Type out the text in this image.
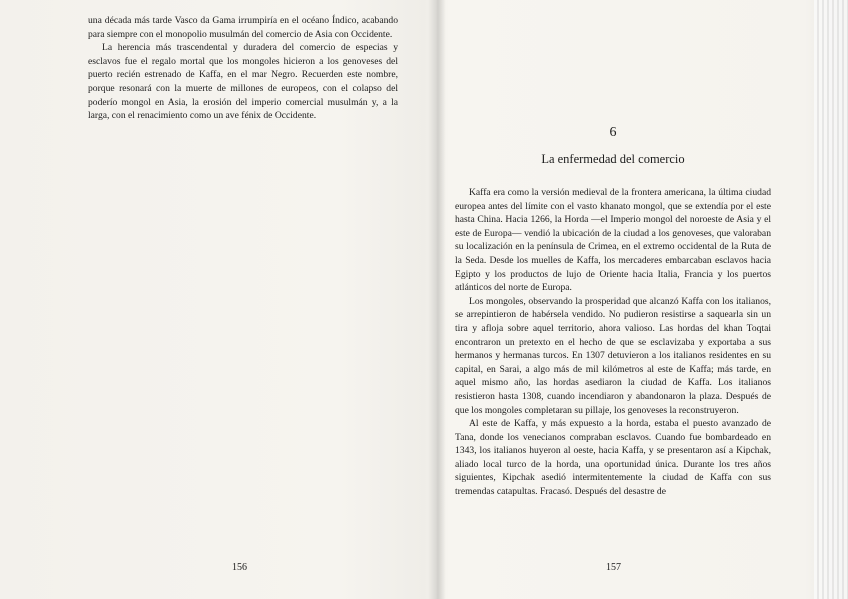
una década más tarde Vasco da Gama irrumpiría en el océano Índico, acabando para siempre con el monopolio musulmán del comercio de Asia con Occidente.

La herencia más trascendental y duradera del comercio de especias y esclavos fue el regalo mortal que los mongoles hicieron a los genoveses del puerto recién estrenado de Kaffa, en el mar Negro. Recuerden este nombre, porque resonará con la muerte de millones de europeos, con el colapso del poderío mongol en Asia, la erosión del imperio comercial musulmán y, a la larga, con el renacimiento como un ave fénix de Occidente.

156
6
La enfermedad del comercio

Kaffa era como la versión medieval de la frontera americana, la última ciudad europea antes del límite con el vasto khanato mongol, que se extendía por el este hasta China. Hacia 1266, la Horda —el Imperio mongol del noroeste de Asia y el este de Europa— vendió la ubicación de la ciudad a los genoveses, que valoraban su localización en la península de Crimea, en el extremo occidental de la Ruta de la Seda. Desde los muelles de Kaffa, los mercaderes embarcaban esclavos hacia Egipto y los productos de lujo de Oriente hacia Italia, Francia y los puertos atlánticos del norte de Europa.

Los mongoles, observando la prosperidad que alcanzó Kaffa con los italianos, se arrepintieron de habérsela vendido. No pudieron resistirse a saquearla sin un tira y afloja sobre aquel territorio, ahora valioso. Las hordas del khan Toqtai encontraron un pretexto en el hecho de que se esclavizaba y exportaba a sus hermanos y hermanas turcos. En 1307 detuvieron a los italianos residentes en su capital, en Sarai, a algo más de mil kilómetros al este de Kaffa; más tarde, en aquel mismo año, las hordas asediaron la ciudad de Kaffa. Los italianos resistieron hasta 1308, cuando incendiaron y abandonaron la plaza. Después de que los mongoles completaran su pillaje, los genoveses la reconstruyeron.

Al este de Kaffa, y más expuesto a la horda, estaba el puesto avanzado de Tana, donde los venecianos compraban esclavos. Cuando fue bombardeado en 1343, los italianos huyeron al oeste, hacia Kaffa, y se presentaron así a Kipchak, aliado local turco de la horda, una oportunidad única. Durante los tres años siguientes, Kipchak asedió intermitentemente la ciudad de Kaffa con sus tremendas catapultas. Fracasó. Después del desastre de

157
